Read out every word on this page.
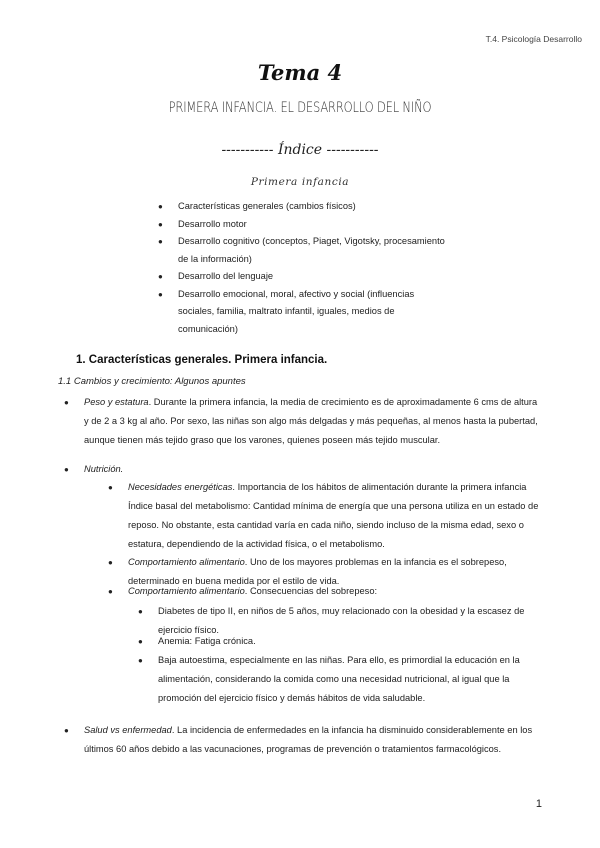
T.4. Psicología Desarrollo
Tema 4
PRIMERA INFANCIA. EL DESARROLLO DEL NIÑO
----------- Índice -----------
Primera infancia
● Características generales (cambios físicos)
● Desarrollo motor
● Desarrollo cognitivo (conceptos, Piaget, Vigotsky, procesamiento de la información)
● Desarrollo del lenguaje
● Desarrollo emocional, moral, afectivo y social (influencias sociales, familia, maltrato infantil, iguales, medios de comunicación)
1. Características generales. Primera infancia.
1.1 Cambios y crecimiento: Algunos apuntes
● Peso y estatura. Durante la primera infancia, la media de crecimiento es de aproximadamente 6 cms de altura y de 2 a 3 kg al año. Por sexo, las niñas son algo más delgadas y más pequeñas, al menos hasta la pubertad, aunque tienen más tejido graso que los varones, quienes poseen más tejido muscular.
● Nutrición.
● Necesidades energéticas. Importancia de los hábitos de alimentación durante la primera infancia Índice basal del metabolismo: Cantidad mínima de energía que una persona utiliza en un estado de reposo. No obstante, esta cantidad varía en cada niño, siendo incluso de la misma edad, sexo o estatura, dependiendo de la actividad física, o el metabolismo.
● Comportamiento alimentario. Uno de los mayores problemas en la infancia es el sobrepeso, determinado en buena medida por el estilo de vida.
● Comportamiento alimentario. Consecuencias del sobrepeso:
● Diabetes de tipo II, en niños de 5 años, muy relacionado con la obesidad y la escasez de ejercicio físico.
● Anemia: Fatiga crónica.
● Baja autoestima, especialmente en las niñas. Para ello, es primordial la educación en la alimentación, considerando la comida como una necesidad nutricional, al igual que la promoción del ejercicio físico y demás hábitos de vida saludable.
● Salud vs enfermedad. La incidencia de enfermedades en la infancia ha disminuido considerablemente en los últimos 60 años debido a las vacunaciones, programas de prevención o tratamientos farmacológicos.
1
